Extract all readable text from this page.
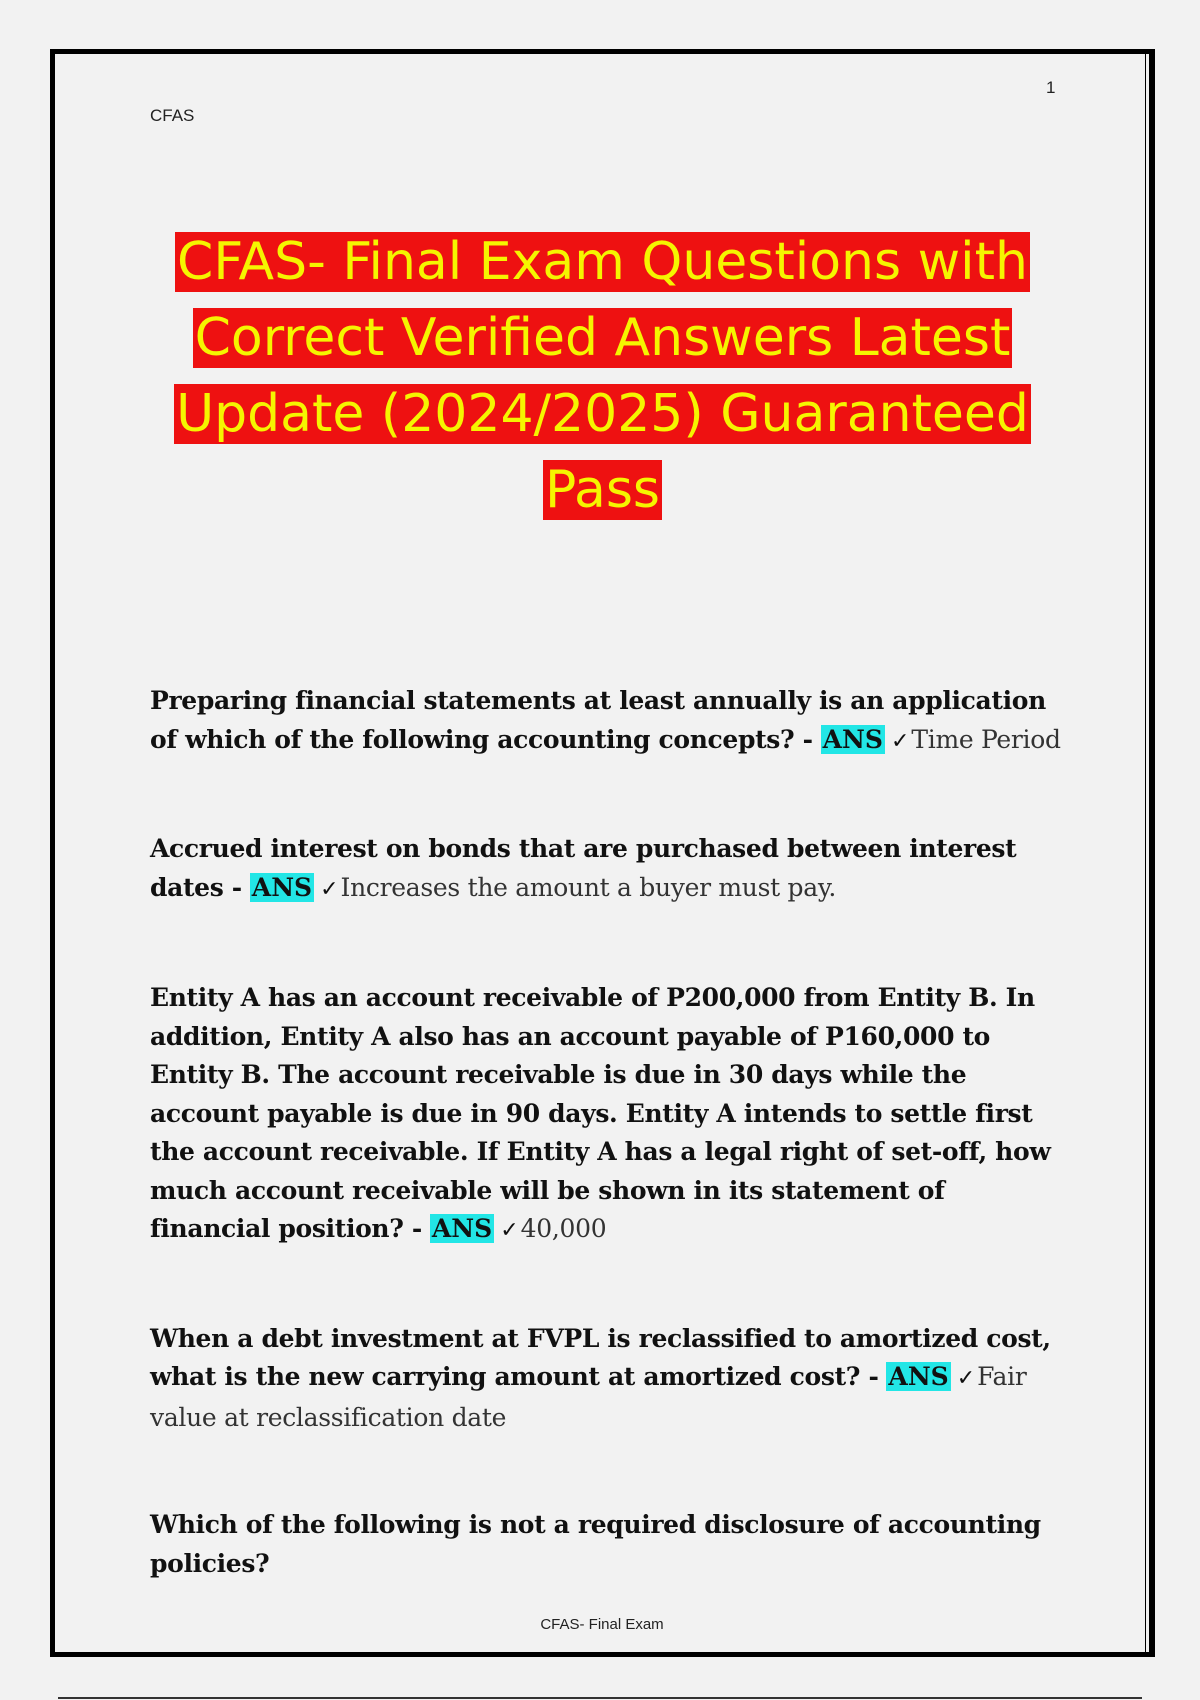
1
CFAS
CFAS- Final Exam Questions with
Correct Verified Answers Latest
Update (2024/2025) Guaranteed
Pass

Preparing financial statements at least annually is an application of which of the following accounting concepts? - ANS ✓Time Period

Accrued interest on bonds that are purchased between interest dates - ANS ✓Increases the amount a buyer must pay.

Entity A has an account receivable of P200,000 from Entity B. In addition, Entity A also has an account payable of P160,000 to Entity B. The account receivable is due in 30 days while the account payable is due in 90 days. Entity A intends to settle first the account receivable. If Entity A has a legal right of set-off, how much account receivable will be shown in its statement of financial position? - ANS ✓40,000

When a debt investment at FVPL is reclassified to amortized cost, what is the new carrying amount at amortized cost? - ANS ✓Fair value at reclassification date

Which of the following is not a required disclosure of accounting policies?

CFAS- Final Exam
